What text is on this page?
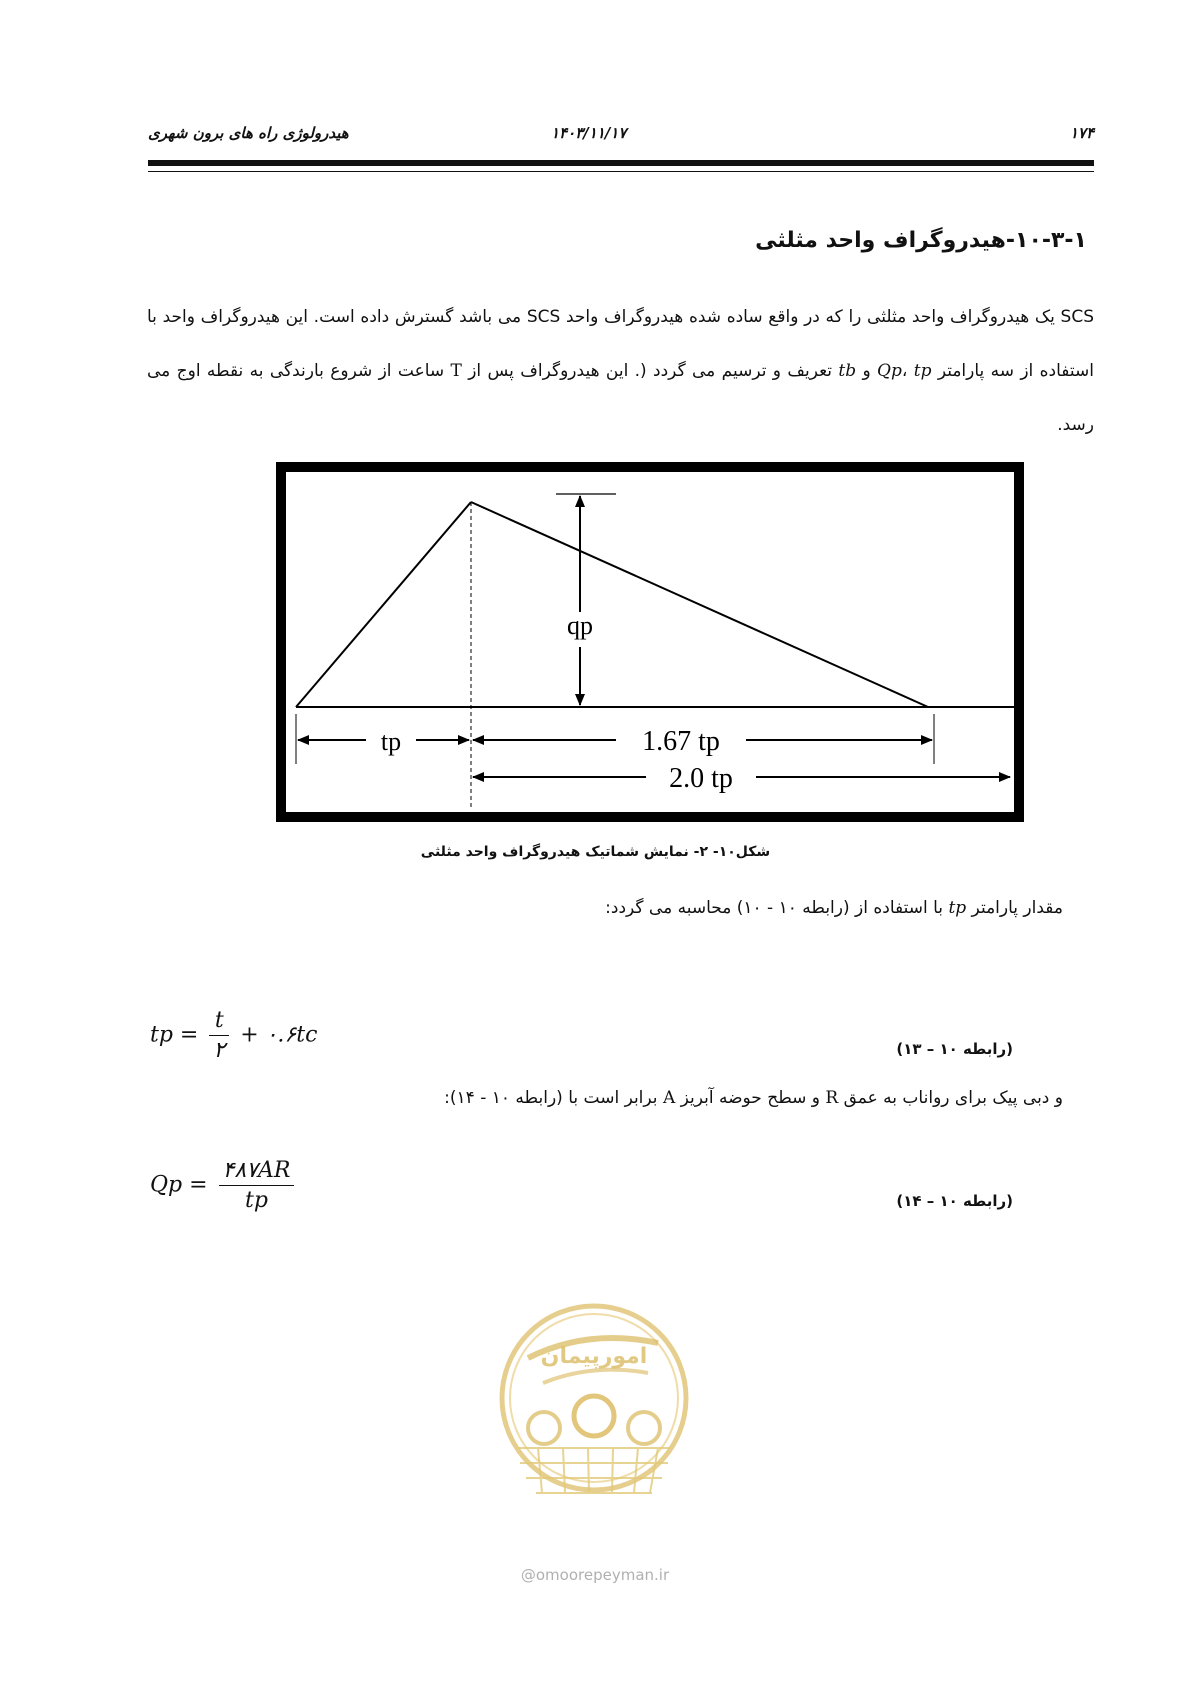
هیدرولوژی راه های برون شهری	۱۴۰۳/۱۱/۱۷	۱۷۴
۱۰-۳-۱-هیدروگراف واحد مثلثی
SCS یک هیدروگراف واحد مثلثی را که در واقع ساده شده هیدروگراف واحد SCS می باشد گسترش داده است. این هیدروگراف واحد با استفاده از سه پارامتر Qp، tp و tb تعریف و ترسیم می گردد (. این هیدروگراف پس از T ساعت از شروع بارندگی به نقطه اوج می رسد.
qp
tp	1.67 tp
2.0 tp
شکل۱۰- ۲- نمایش شماتیک هیدروگراف واحد مثلثی
مقدار پارامتر tp با استفاده از (رابطه ۱۰ - ۱۰) محاسبه می گردد:
tp = $\frac{t}{۲}$ + ۰.۶tc
(رابطه ۱۰ – ۱۳)
و دبی پیک برای رواناب به عمق R و سطح حوضه آبریز A برابر است با (رابطه ۱۰ - ۱۴):
$Qp = \frac{۴۸۷AR}{tp}$	(رابطه ۱۰ – ۱۴)
امورپیمان
@omoorepeyman.ir
